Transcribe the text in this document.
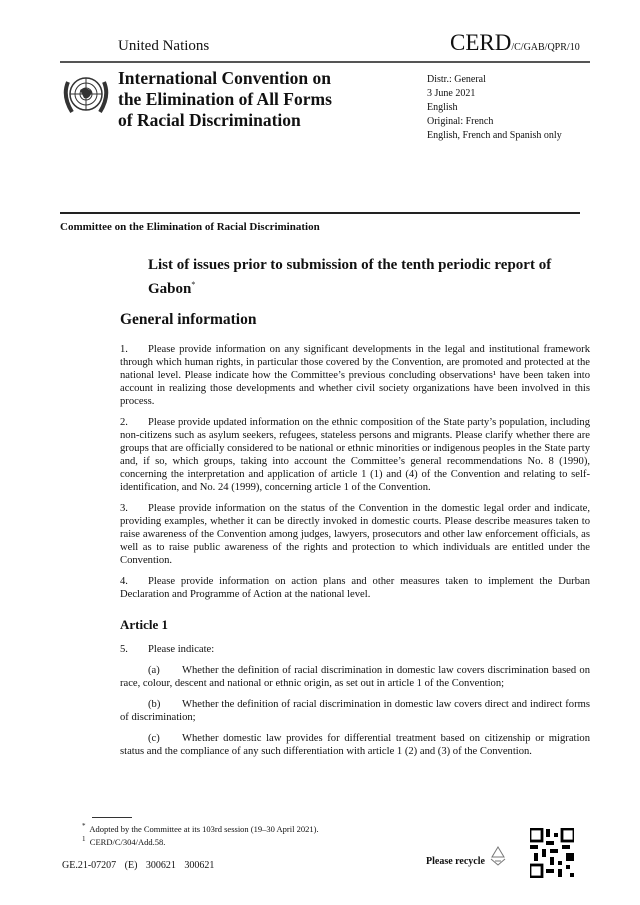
United Nations	CERD/C/GAB/QPR/10
International Convention on
the Elimination of All Forms
of Racial Discrimination
Distr.: General
3 June 2021
English
Original: French
English, French and Spanish only
Committee on the Elimination of Racial Discrimination
List of issues prior to submission of the tenth periodic report of Gabon*
General information

1. Please provide information on any significant developments in the legal and institutional framework through which human rights, in particular those covered by the Convention, are promoted and protected at the national level. Please indicate how the Committee’s previous concluding observations¹ have been taken into account in realizing those developments and whether civil society organizations have been involved in this process.

2. Please provide updated information on the ethnic composition of the State party’s population, including non-citizens such as asylum seekers, refugees, stateless persons and migrants. Please clarify whether there are groups that are officially considered to be national or ethnic minorities or indigenous peoples in the State party and, if so, which groups, taking into account the Committee’s general recommendations No. 8 (1990), concerning the interpretation and application of article 1 (1) and (4) of the Convention and relating to self-identification, and No. 24 (1999), concerning article 1 of the Convention.

3. Please provide information on the status of the Convention in the domestic legal order and indicate, providing examples, whether it can be directly invoked in domestic courts. Please describe measures taken to raise awareness of the Convention among judges, lawyers, prosecutors and other law enforcement officials, as well as to raise public awareness of the rights and protection to which individuals are entitled under the Convention.

4. Please provide information on action plans and other measures taken to implement the Durban Declaration and Programme of Action at the national level.

Article 1

5. Please indicate:

(a) Whether the definition of racial discrimination in domestic law covers discrimination based on race, colour, descent and national or ethnic origin, as set out in article 1 of the Convention;

(b) Whether the definition of racial discrimination in domestic law covers direct and indirect forms of discrimination;

(c) Whether domestic law provides for differential treatment based on citizenship or migration status and the compliance of any such differentiation with article 1 (2) and (3) of the Convention.

* Adopted by the Committee at its 103rd session (19–30 April 2021).
$^1$ CERD/C/304/Add.58.
GE.21-07207 (E) 300621 300621	Please recycle
